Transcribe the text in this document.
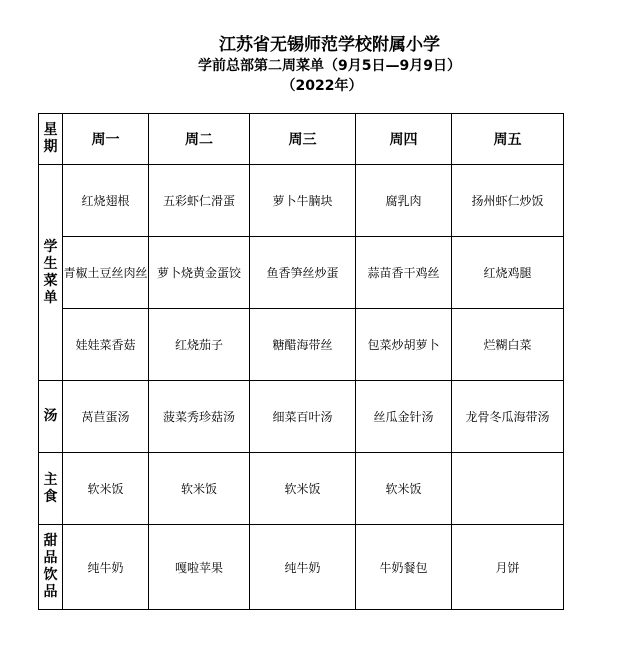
江苏省无锡师范学校附属小学
学前总部第二周菜单（9月5日—9月9日）
（2022年）
星期	周一	周二	周三	周四	周五

学生菜单	红烧翅根	五彩虾仁滑蛋	萝卜牛腩块	腐乳肉	扬州虾仁炒饭
	青椒土豆丝肉丝	萝卜烧黄金蛋饺	鱼香笋丝炒蛋	蒜苗香干鸡丝	红烧鸡腿
	娃娃菜香菇	红烧茄子	糖醋海带丝	包菜炒胡萝卜	烂糊白菜

汤	莴苣蛋汤	菠菜秀珍菇汤	细菜百叶汤	丝瓜金针汤	龙骨冬瓜海带汤

主食	软米饭	软米饭	软米饭	软米饭	

甜品饮品	纯牛奶	嘎啦苹果	纯牛奶	牛奶餐包	月饼
